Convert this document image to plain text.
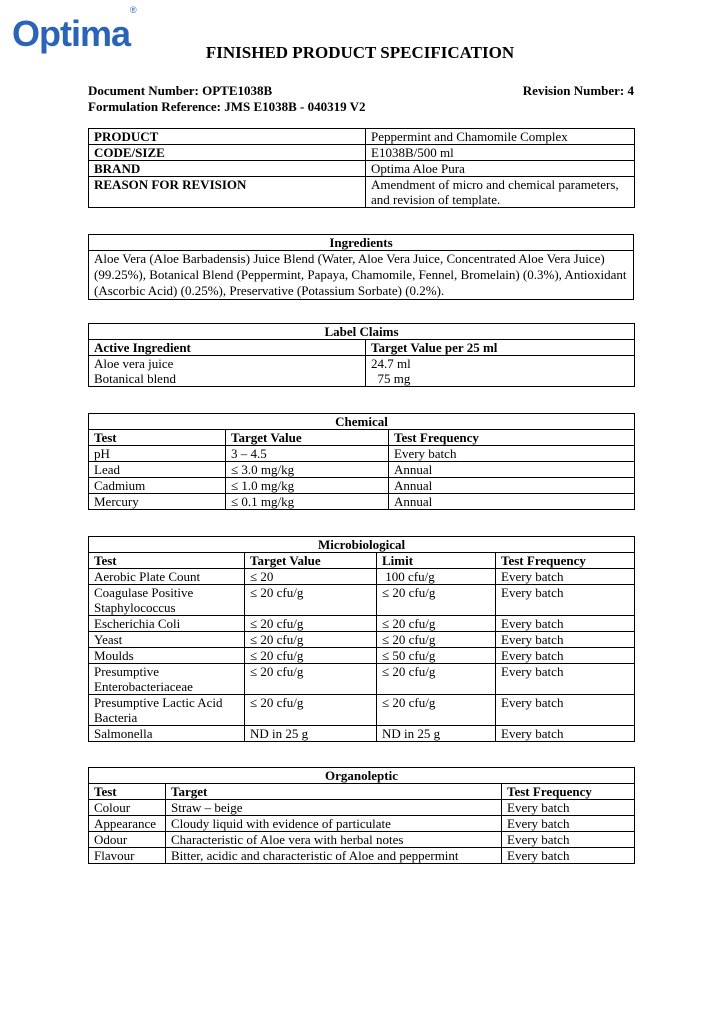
Optima®
FINISHED PRODUCT SPECIFICATION
Document Number: OPTE1038B	Revision Number: 4
Formulation Reference: JMS E1038B - 040319 V2
PRODUCT	Peppermint and Chamomile Complex
CODE/SIZE	E1038B/500 ml
BRAND	Optima Aloe Pura
REASON FOR REVISION	Amendment of micro and chemical parameters, and revision of template.
Ingredients
Aloe Vera (Aloe Barbadensis) Juice Blend (Water, Aloe Vera Juice, Concentrated Aloe Vera Juice) (99.25%), Botanical Blend (Peppermint, Papaya, Chamomile, Fennel, Bromelain) (0.3%), Antioxidant (Ascorbic Acid) (0.25%), Preservative (Potassium Sorbate) (0.2%).
Label Claims	
Active Ingredient	Target Value per 25 ml
Aloe vera juice	24.7 ml
Botanical blend	75 mg
Chemical		
Test	Target Value	Test Frequency
pH	3 – 4.5	Every batch
Lead	≤ 3.0 mg/kg	Annual
Cadmium	≤ 1.0 mg/kg	Annual
Mercury	≤ 0.1 mg/kg	Annual
Microbiological			
Test	Target Value	Limit	Test Frequency
Aerobic Plate Count	≤ 20	100 cfu/g	Every batch
Coagulase Positive Staphylococcus	≤ 20 cfu/g	≤ 20 cfu/g	Every batch
Escherichia Coli	≤ 20 cfu/g	≤ 20 cfu/g	Every batch
Yeast	≤ 20 cfu/g	≤ 20 cfu/g	Every batch
Moulds	≤ 20 cfu/g	≤ 50 cfu/g	Every batch
Presumptive Enterobacteriaceae	≤ 20 cfu/g	≤ 20 cfu/g	Every batch
Presumptive Lactic Acid Bacteria	≤ 20 cfu/g	≤ 20 cfu/g	Every batch
Salmonella	ND in 25 g	ND in 25 g	Every batch
Organoleptic		
Test	Target	Test Frequency
Colour	Straw – beige	Every batch
Appearance	Cloudy liquid with evidence of particulate	Every batch
Odour	Characteristic of Aloe vera with herbal notes	Every batch
Flavour	Bitter, acidic and characteristic of Aloe and peppermint	Every batch
